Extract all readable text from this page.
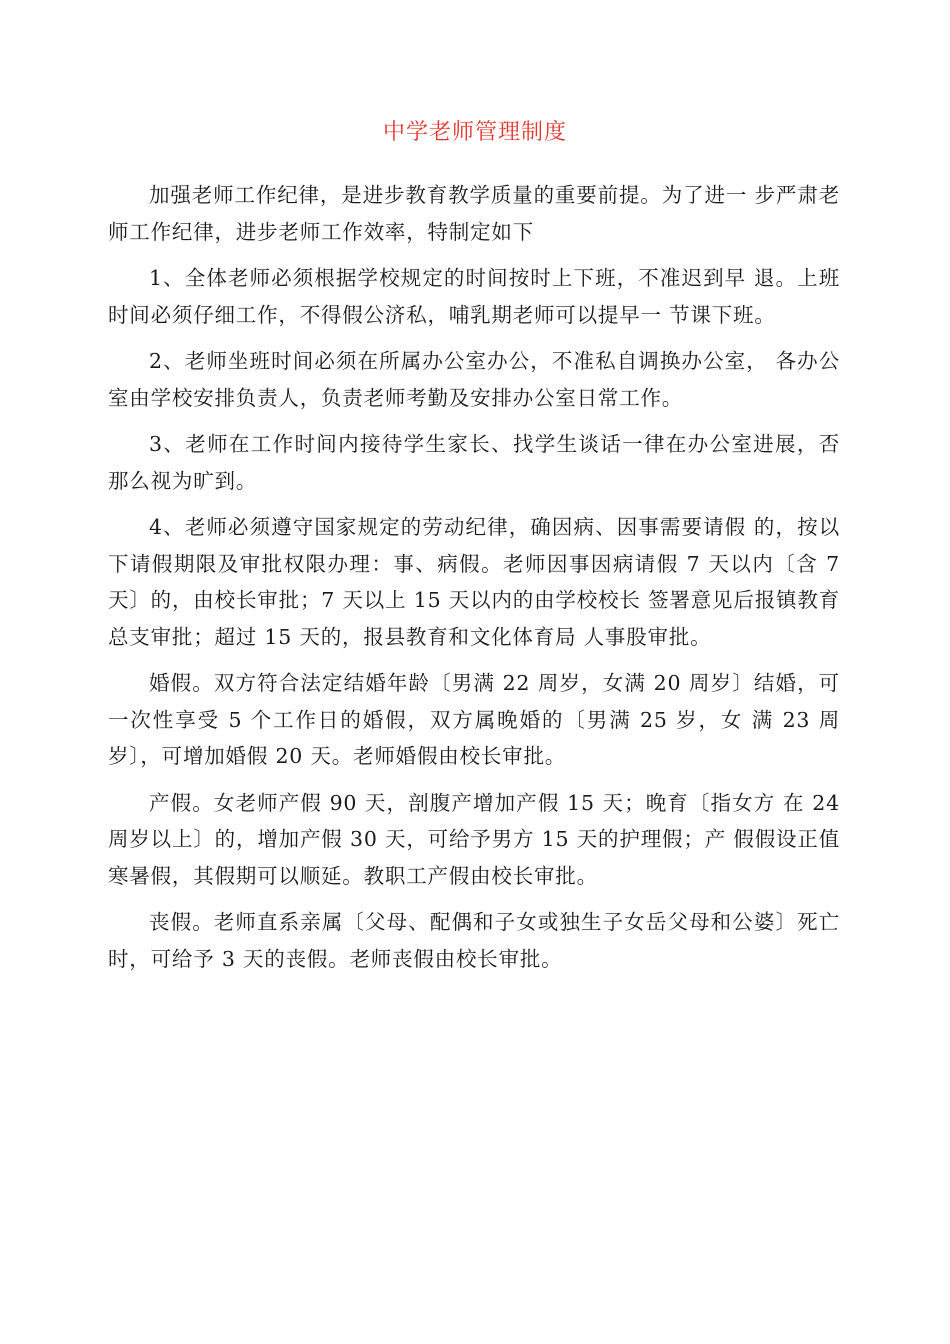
中学老师管理制度

加强老师工作纪律，是进步教育教学质量的重要前提。为了进一 步严肃老师工作纪律，进步老师工作效率，特制定如下

1、全体老师必须根据学校规定的时间按时上下班，不准迟到早 退。上班时间必须仔细工作，不得假公济私，哺乳期老师可以提早一 节课下班。

2、老师坐班时间必须在所属办公室办公，不准私自调换办公室， 各办公室由学校安排负责人，负责老师考勤及安排办公室日常工作。

3、老师在工作时间内接待学生家长、找学生谈话一律在办公室进展，否那么视为旷到。

4、老师必须遵守国家规定的劳动纪律，确因病、因事需要请假 的，按以下请假期限及审批权限办理：事、病假。老师因事因病请假 7 天以内〔含 7 天〕的，由校长审批；7 天以上 15 天以内的由学校校长 签署意见后报镇教育总支审批；超过 15 天的，报县教育和文化体育局 人事股审批。

婚假。双方符合法定结婚年龄〔男满 22 周岁，女满 20 周岁〕结婚，可一次性享受 5 个工作日的婚假，双方属晚婚的〔男满 25 岁，女 满 23 周岁〕，可增加婚假 20 天。老师婚假由校长审批。

产假。女老师产假 90 天，剖腹产增加产假 15 天；晚育〔指女方 在 24 周岁以上〕的，增加产假 30 天，可给予男方 15 天的护理假；产 假假设正值寒暑假，其假期可以顺延。教职工产假由校长审批。

丧假。老师直系亲属〔父母、配偶和子女或独生子女岳父母和公婆〕死亡时，可给予 3 天的丧假。老师丧假由校长审批。
